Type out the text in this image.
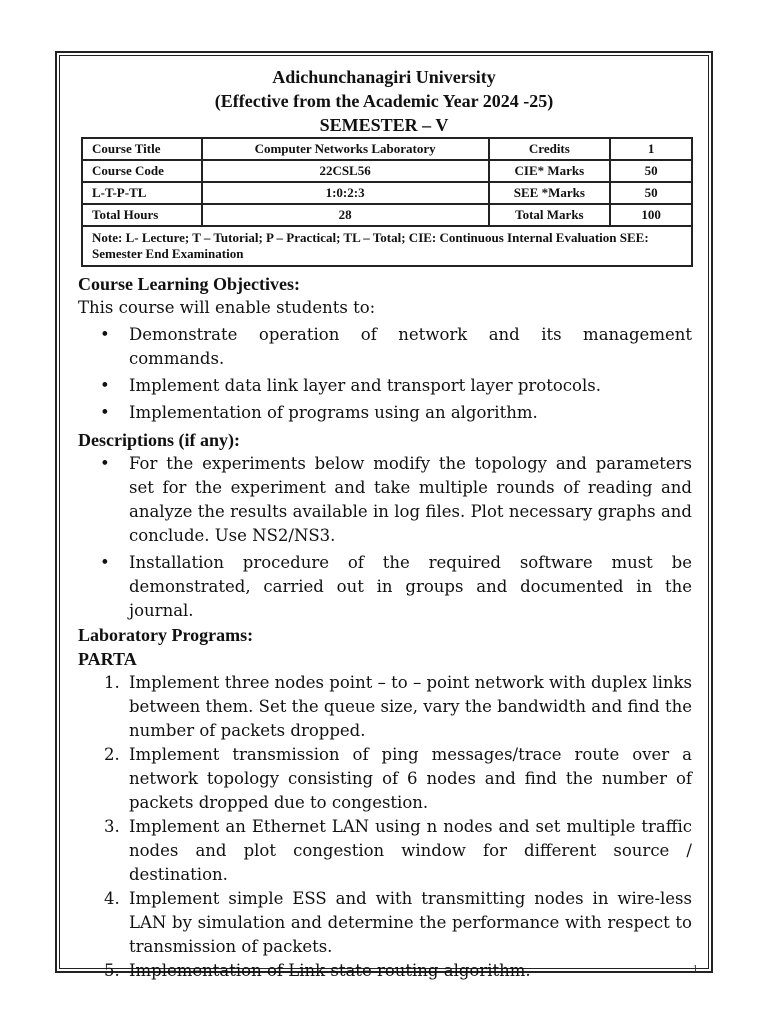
Adichunchanagiri University
(Effective from the Academic Year 2024 -25)
SEMESTER – V
Course Title	Computer Networks Laboratory	Credits	1
Course Code	22CSL56	CIE* Marks	50
L-T-P-TL	1:0:2:3	SEE *Marks	50
Total Hours	28	Total Marks	100
Note: L- Lecture; T – Tutorial; P – Practical; TL – Total; CIE: Continuous Internal Evaluation SEE: Semester End Examination			
Course Learning Objectives:
This course will enable students to:
• Demonstrate operation of network and its management commands.
• Implement data link layer and transport layer protocols.
• Implementation of programs using an algorithm.
Descriptions (if any):
• For the experiments below modify the topology and parameters set for the experiment and take multiple rounds of reading and analyze the results available in log files. Plot necessary graphs and conclude. Use NS2/NS3.
• Installation procedure of the required software must be demonstrated, carried out in groups and documented in the journal.
Laboratory Programs:
PARTA
1. Implement three nodes point – to – point network with duplex links between them. Set the queue size, vary the bandwidth and find the number of packets dropped.
2. Implement transmission of ping messages/trace route over a network topology consisting of 6 nodes and find the number of packets dropped due to congestion.
3. Implement an Ethernet LAN using n nodes and set multiple traffic nodes and plot congestion window for different source / destination.
4. Implement simple ESS and with transmitting nodes in wire-less LAN by simulation and determine the performance with respect to transmission of packets.
5. Implementation of Link state routing algorithm.	1
